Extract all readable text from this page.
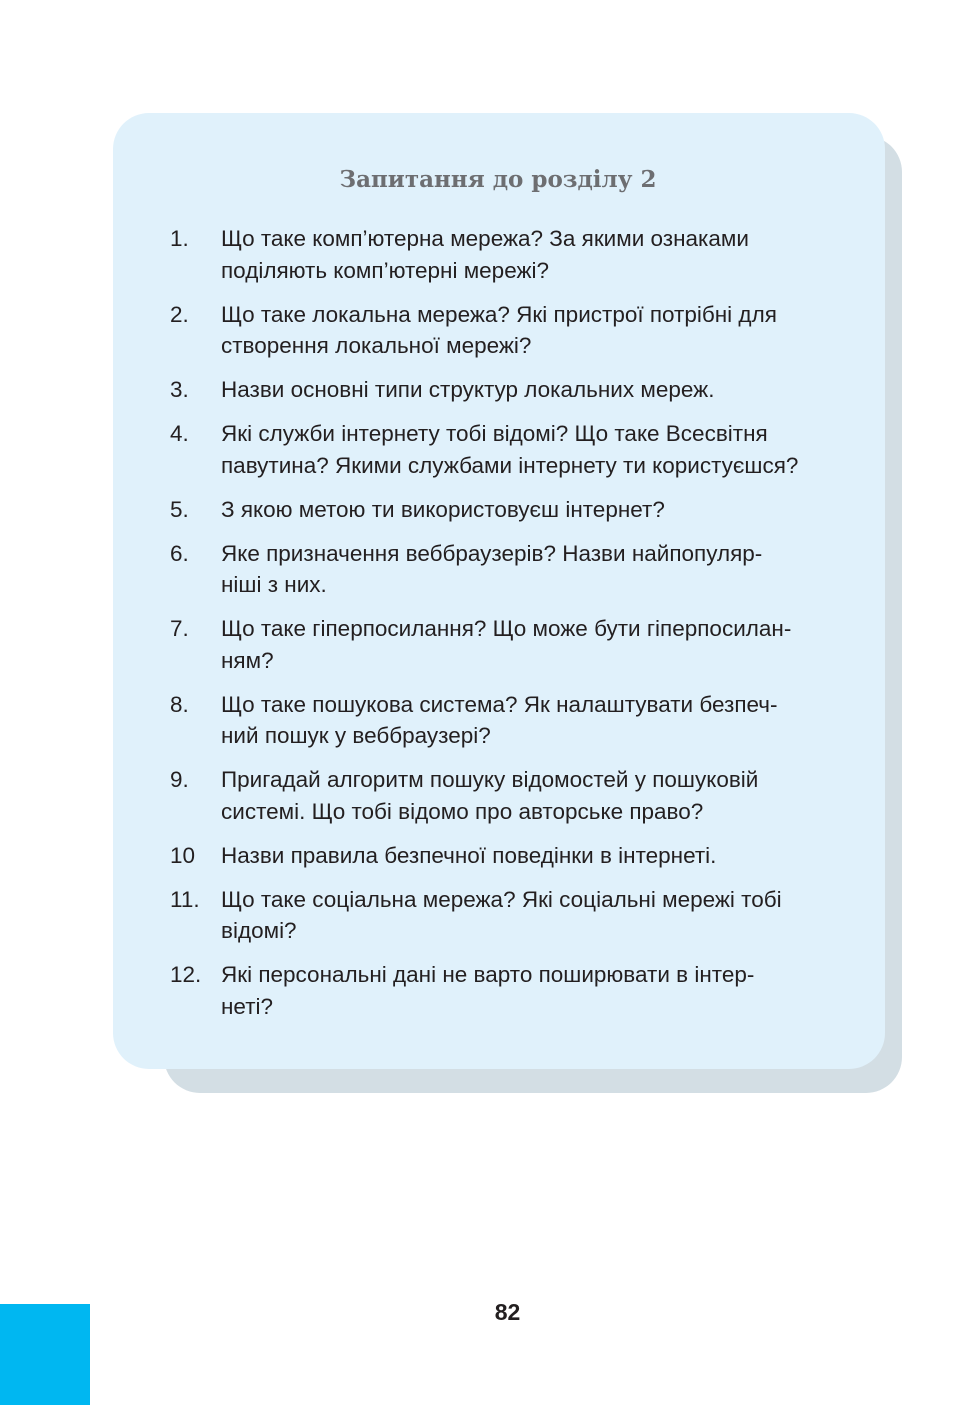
Запитання до розділу 2
1. Що таке комп’ютерна мережа? За якими ознаками
поділяють комп’ютерні мережі?
2. Що таке локальна мережа? Які пристрої потрібні для
створення локальної мережі?
3. Назви основні типи структур локальних мереж.
4. Які служби інтернету тобі відомі? Що таке Всесвітня
павутина? Якими службами інтернету ти користуєшся?
5. З якою метою ти використовуєш інтернет?
6. Яке призначення веббраузерів? Назви найпопуляр-
ніші з них.
7. Що таке гіперпосилання? Що може бути гіперпосилан-
ням?
8. Що таке пошукова система? Як налаштувати безпеч-
ний пошук у веббраузері?
9. Пригадай алгоритм пошуку відомостей у пошуковій
системі. Що тобі відомо про авторське право?
10 Назви правила безпечної поведінки в інтернеті.
11. Що таке соціальна мережа? Які соціальні мережі тобі
відомі?
12. Які персональні дані не варто поширювати в інтер-
неті?
82
